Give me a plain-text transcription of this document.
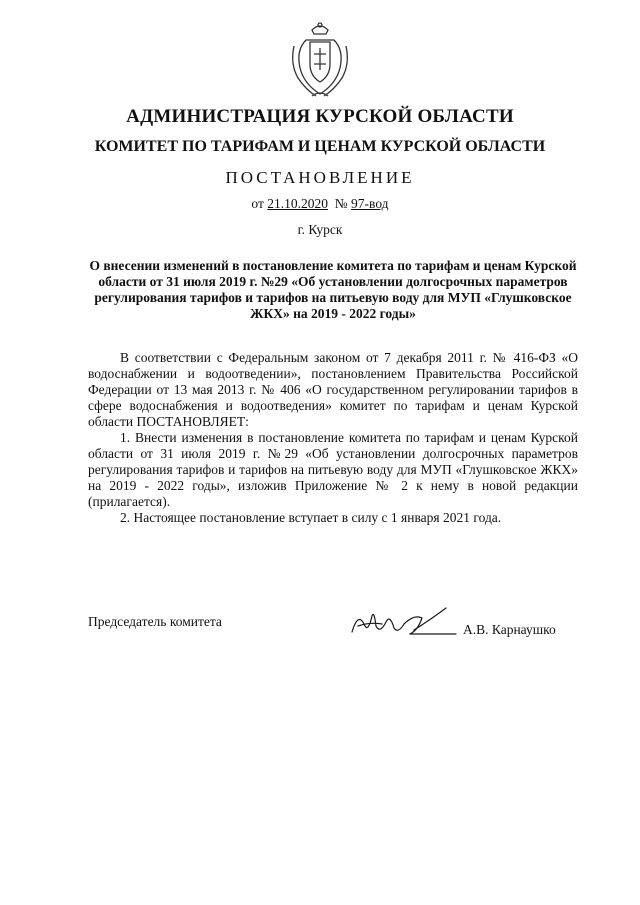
АДМИНИСТРАЦИЯ КУРСКОЙ ОБЛАСТИ
КОМИТЕТ ПО ТАРИФАМ И ЦЕНАМ КУРСКОЙ ОБЛАСТИ
ПОСТАНОВЛЕНИЕ
от 21.10.2020 № 97-вод
г. Курск
О внесении изменений в постановление комитета по тарифам и ценам Курской области от 31 июля 2019 г. №29 «Об установлении долгосрочных параметров регулирования тарифов и тарифов на питьевую воду для МУП «Глушковское ЖКХ» на 2019 - 2022 годы»

В соответствии с Федеральным законом от 7 декабря 2011 г. № 416-ФЗ «О водоснабжении и водоотведении», постановлением Правительства Российской Федерации от 13 мая 2013 г. № 406 «О государственном регулировании тарифов в сфере водоснабжения и водоотведения» комитет по тарифам и ценам Курской области ПОСТАНОВЛЯЕТ:

1. Внести изменения в постановление комитета по тарифам и ценам Курской области от 31 июля 2019 г. №29 «Об установлении долгосрочных параметров регулирования тарифов и тарифов на питьевую воду для МУП «Глушковское ЖКХ» на 2019 - 2022 годы», изложив Приложение № 2 к нему в новой редакции (прилагается).

2. Настоящее постановление вступает в силу с 1 января 2021 года.

Председатель комитета
А.В. Карнаушко
